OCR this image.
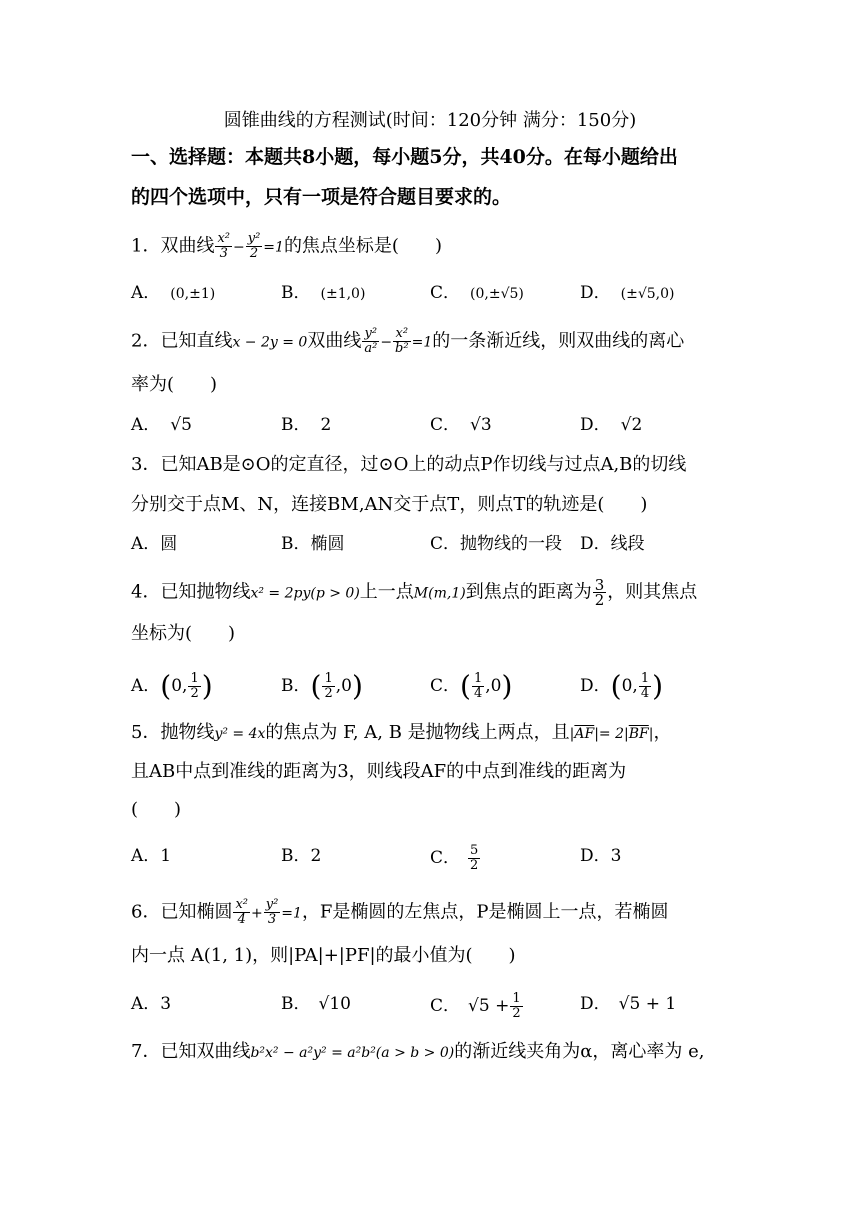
圆锥曲线的方程测试(时间：120分钟 满分：150分)
一、选择题：本题共8小题，每小题5分，共40分。在每小题给出
的四个选项中，只有一项是符合题目要求的。
1．双曲线 $\frac{\text{x²}}{3} - \frac{\text{y²}}{2} =1$的焦点坐标是(　　)
A． (0,±1)	B． (±1,0)	C． (0,±√5)	D． (±√5,0)
2．已知直线x − 2y = 0双曲线 $\frac{\text{y²}}{\text{a²}} - \frac{\text{x²}}{\text{b²}} =1$的一条渐近线，则双曲线的离心
率为(　　)
A． √5	B． 2	C． √3	D． √2
3．已知AB是⊙O的定直径，过⊙O上的动点P作切线与过点A,B的切线
分别交于点M、N，连接BM,AN交于点T，则点T的轨迹是(　　)
A．圆	B．椭圆	C．抛物线的一段 D．线段
4．已知抛物线x² = 2py(p > 0)上一点M(m,1)到焦点的距离为 $\frac{3}{2}$ ，则其焦点
坐标为(　　)
A．(0, $\frac{1}{2}$ )	B．( $\frac{1}{2} ,0$)	C．( $\frac{1}{4} ,0$)	D．(0, $\frac{1}{4}$ )
5．抛物线y² = 4x的焦点为 F, A, B 是抛物线上两点，且$|\overline{AF}|= 2|\overline{BF}|$，
且AB中点到准线的距离为3，则线段AF的中点到准线的距离为
(　　)
A．1	B．2	C． $\frac{5}{2}$	D．3
6．已知椭圆 $\frac{\text{x²}}{4} + \frac{\text{y²}}{3} =1$，F是椭圆的左焦点，P是椭圆上一点，若椭圆
内一点 A(1, 1)，则|PA|+|PF|的最小值为(　　)
A．3	B． √10	C． $√5 + \frac{1}{2}$	D． √5 + 1
7．已知双曲线b²x² − a²y² = a²b²(a > b > 0)的渐近线夹角为α，离心率为 e,
